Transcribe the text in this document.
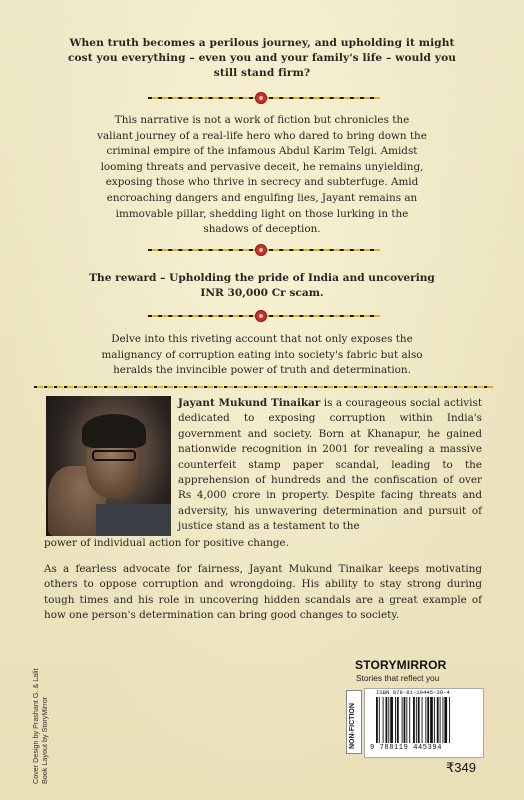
When truth becomes a perilous journey, and upholding it might
cost you everything – even you and your family's life – would you
still stand firm?
This narrative is not a work of fiction but chronicles the
valiant journey of a real-life hero who dared to bring down the
criminal empire of the infamous Abdul Karim Telgi. Amidst
looming threats and pervasive deceit, he remains unyielding,
exposing those who thrive in secrecy and subterfuge. Amid
encroaching dangers and engulfing lies, Jayant remains an
immovable pillar, shedding light on those lurking in the
shadows of deception.
The reward – Upholding the pride of India and uncovering
INR 30,000 Cr scam.
Delve into this riveting account that not only exposes the
malignancy of corruption eating into society's fabric but also
heralds the invincible power of truth and determination.
Jayant Mukund Tinaikar is a courageous social activist dedicated to exposing corruption within India's government and society. Born at Khanapur, he gained nationwide recognition in 2001 for revealing a massive counterfeit stamp paper scandal, leading to the apprehension of hundreds and the confiscation of over Rs 4,000 crore in property. Despite facing threats and adversity, his unwavering determination and pursuit of justice stand as a testament to the
power of individual action for positive change.
As a fearless advocate for fairness, Jayant Mukund Tinaikar keeps motivating others to oppose corruption and wrongdoing. His ability to stay strong during tough times and his role in uncovering hidden scandals are a great example of how one person's determination can bring good changes to society.
Cover Design by Prashant G. & Lalit Book Layout by StoryMirror
STORYMIRROR
Stories that reflect you
NON-FICTION
ISBN 978-81-19445-39-4
9 788119 445394
₹349
